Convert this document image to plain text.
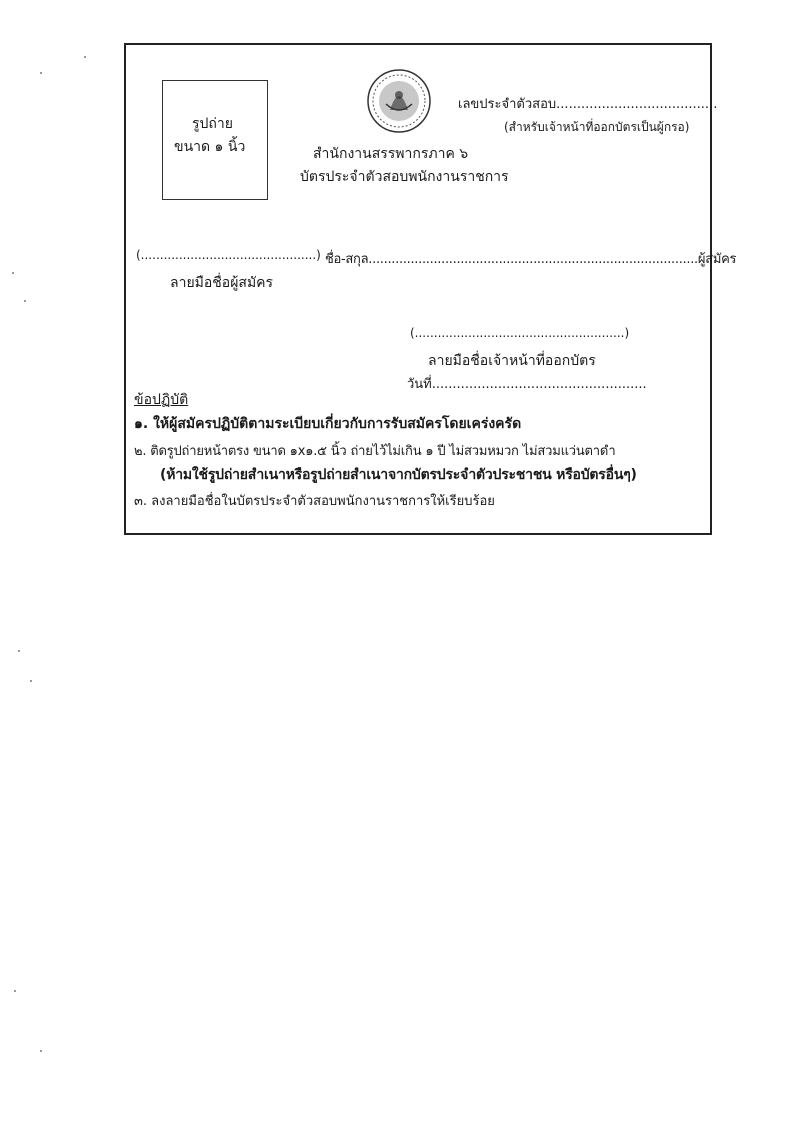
รูปถ่าย
ขนาด ๑ นิ้ว
เลขประจำตัวสอบ.......................................
(สำหรับเจ้าหน้าที่ออกบัตรเป็นผู้กรอ)
สำนักงานสรรพากรภาค ๖
บัตรประจำตัวสอบพนักงานราชการ
(..............................................)
ลายมือชื่อผู้สมัคร
ชื่อ-สกุล......................................................................................ผู้สมัคร
(.......................................................)
ลายมือชื่อเจ้าหน้าที่ออกบัตร
วันที่....................................................
ข้อปฏิบัติ
๑. ให้ผู้สมัครปฏิบัติตามระเบียบเกี่ยวกับการรับสมัครโดยเคร่งครัด
๒. ติดรูปถ่ายหน้าตรง ขนาด ๑x๑.๕ นิ้ว ถ่ายไว้ไม่เกิน ๑ ปี ไม่สวมหมวก ไม่สวมแว่นตาดำ
(ห้ามใช้รูปถ่ายสำเนาหรือรูปถ่ายสำเนาจากบัตรประจำตัวประชาชน หรือบัตรอื่นๆ)
๓. ลงลายมือชื่อในบัตรประจำตัวสอบพนักงานราชการให้เรียบร้อย
